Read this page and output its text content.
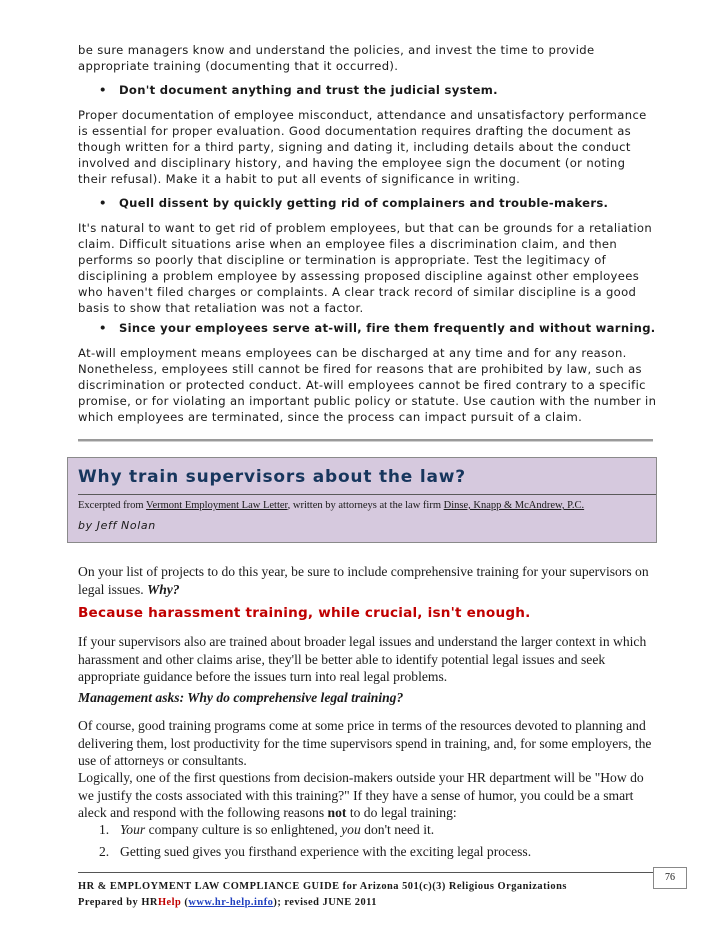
be sure managers know and understand the policies, and invest the time to provide appropriate training (documenting that it occurred).

• Don't document anything and trust the judicial system.

Proper documentation of employee misconduct, attendance and unsatisfactory performance is essential for proper evaluation. Good documentation requires drafting the document as though written for a third party, signing and dating it, including details about the conduct involved and disciplinary history, and having the employee sign the document (or noting their refusal). Make it a habit to put all events of significance in writing.

• Quell dissent by quickly getting rid of complainers and trouble-makers.

It's natural to want to get rid of problem employees, but that can be grounds for a retaliation claim. Difficult situations arise when an employee files a discrimination claim, and then performs so poorly that discipline or termination is appropriate. Test the legitimacy of disciplining a problem employee by assessing proposed discipline against other employees who haven't filed charges or complaints. A clear track record of similar discipline is a good basis to show that retaliation was not a factor.

• Since your employees serve at-will, fire them frequently and without warning.

At-will employment means employees can be discharged at any time and for any reason. Nonetheless, employees still cannot be fired for reasons that are prohibited by law, such as discrimination or protected conduct. At-will employees cannot be fired contrary to a specific promise, or for violating an important public policy or statute. Use caution with the number in which employees are terminated, since the process can impact pursuit of a claim.

Why train supervisors about the law?
Excerpted from Vermont Employment Law Letter, written by attorneys at the law firm Dinse, Knapp & McAndrew, P.C.
by Jeff Nolan

On your list of projects to do this year, be sure to include comprehensive training for your supervisors on legal issues. Why?

Because harassment training, while crucial, isn't enough.

If your supervisors also are trained about broader legal issues and understand the larger context in which harassment and other claims arise, they'll be better able to identify potential legal issues and seek appropriate guidance before the issues turn into real legal problems.

Management asks: Why do comprehensive legal training?

Of course, good training programs come at some price in terms of the resources devoted to planning and delivering them, lost productivity for the time supervisors spend in training, and, for some employers, the use of attorneys or consultants.

Logically, one of the first questions from decision-makers outside your HR department will be "How do we justify the costs associated with this training?" If they have a sense of humor, you could be a smart aleck and respond with the following reasons not to do legal training:

1. Your company culture is so enlightened, you don't need it.
2. Getting sued gives you firsthand experience with the exciting legal process.
76
HR & EMPLOYMENT LAW COMPLIANCE GUIDE for Arizona 501(c)(3) Religious Organizations
Prepared by HRHelp (www.hr-help.info); revised JUNE 2011
